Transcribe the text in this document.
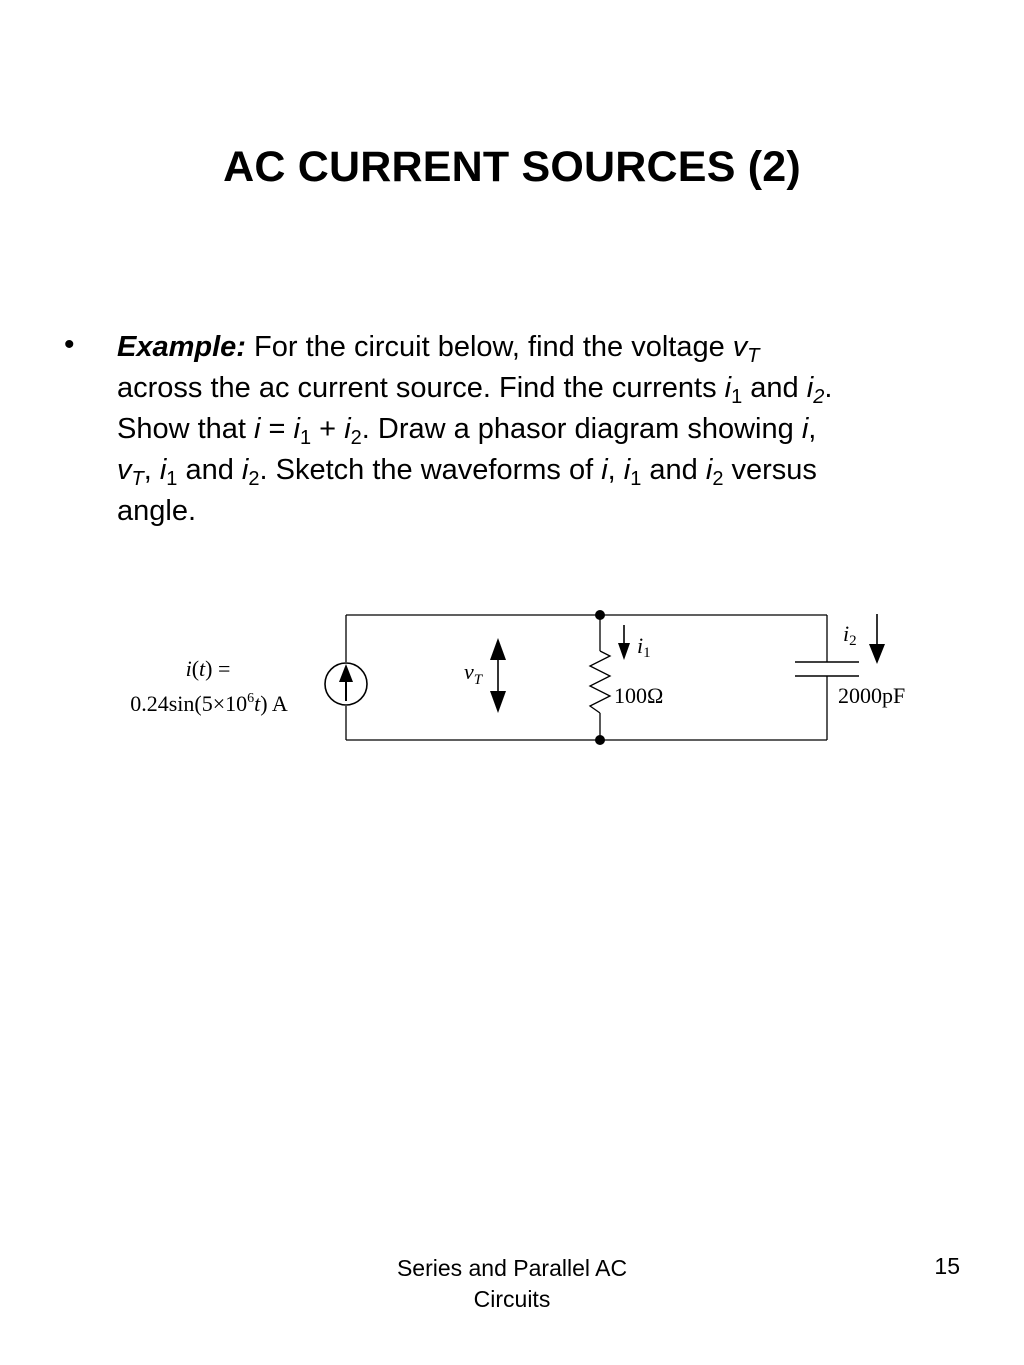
AC CURRENT SOURCES (2)
• Example: For the circuit below, find the voltage $v_T$
across the ac current source. Find the currents $i_1$ and $i_2$.
Show that $i = i_1 + i_2$. Draw a phasor diagram showing i,
$v_T$, $i_1$ and $i_2$. Sketch the waveforms of i, $i_1$ and $i_2$ versus
angle.
i(t) =
$0.24\sin(5\times 10^6t)$ A
$v_T$
i1
i2
100Ω	2000pF
Series and Parallel AC
Circuits
15
